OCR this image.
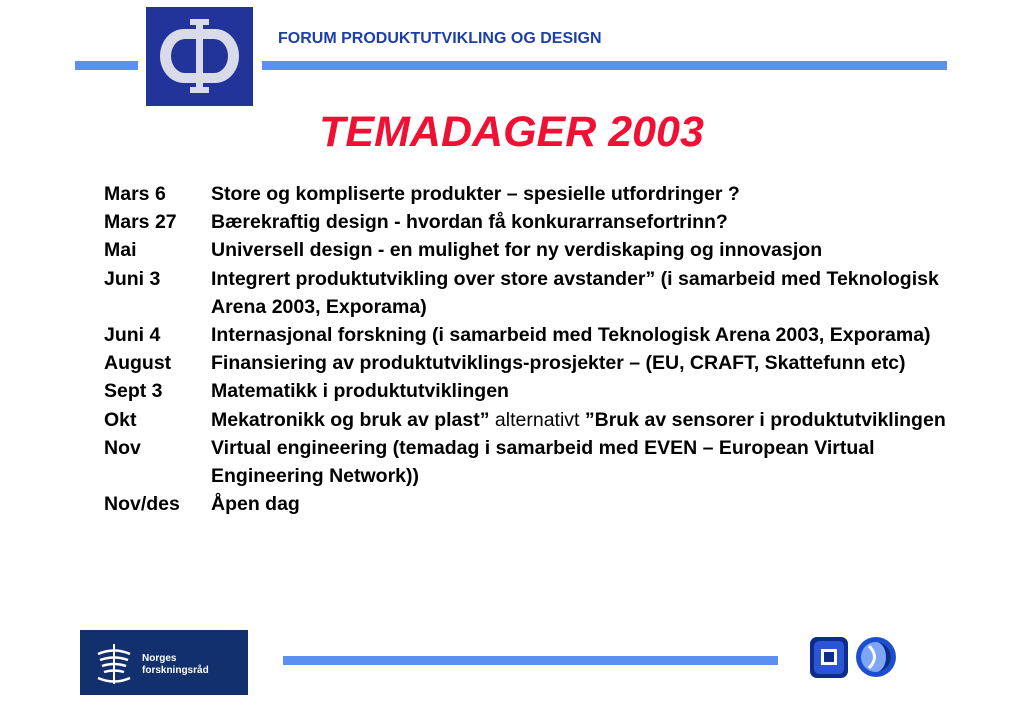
FORUM PRODUKTUTVIKLING OG DESIGN
TEMADAGER 2003
Mars 6	Store og kompliserte produkter – spesielle utfordringer ?
Mars 27	Bærekraftig design - hvordan få konkurarransefortrinn?
Mai	Universell design - en mulighet for ny verdiskaping og innovasjon
Juni 3	Integrert produktutvikling over store avstander” (i samarbeid med Teknologisk Arena 2003, Exporama)
Juni 4	Internasjonal forskning (i samarbeid med Teknologisk Arena 2003, Exporama)
August	Finansiering av produktutviklings-prosjekter – (EU, CRAFT, Skattefunn etc)
Sept 3	Matematikk i produktutviklingen
Okt	Mekatronikk og bruk av plast” alternativt ”Bruk av sensorer i produktutviklingen
Nov	Virtual engineering (temadag i samarbeid med EVEN – European Virtual Engineering Network))
Nov/des	Åpen dag
Norges
forskningsråd
